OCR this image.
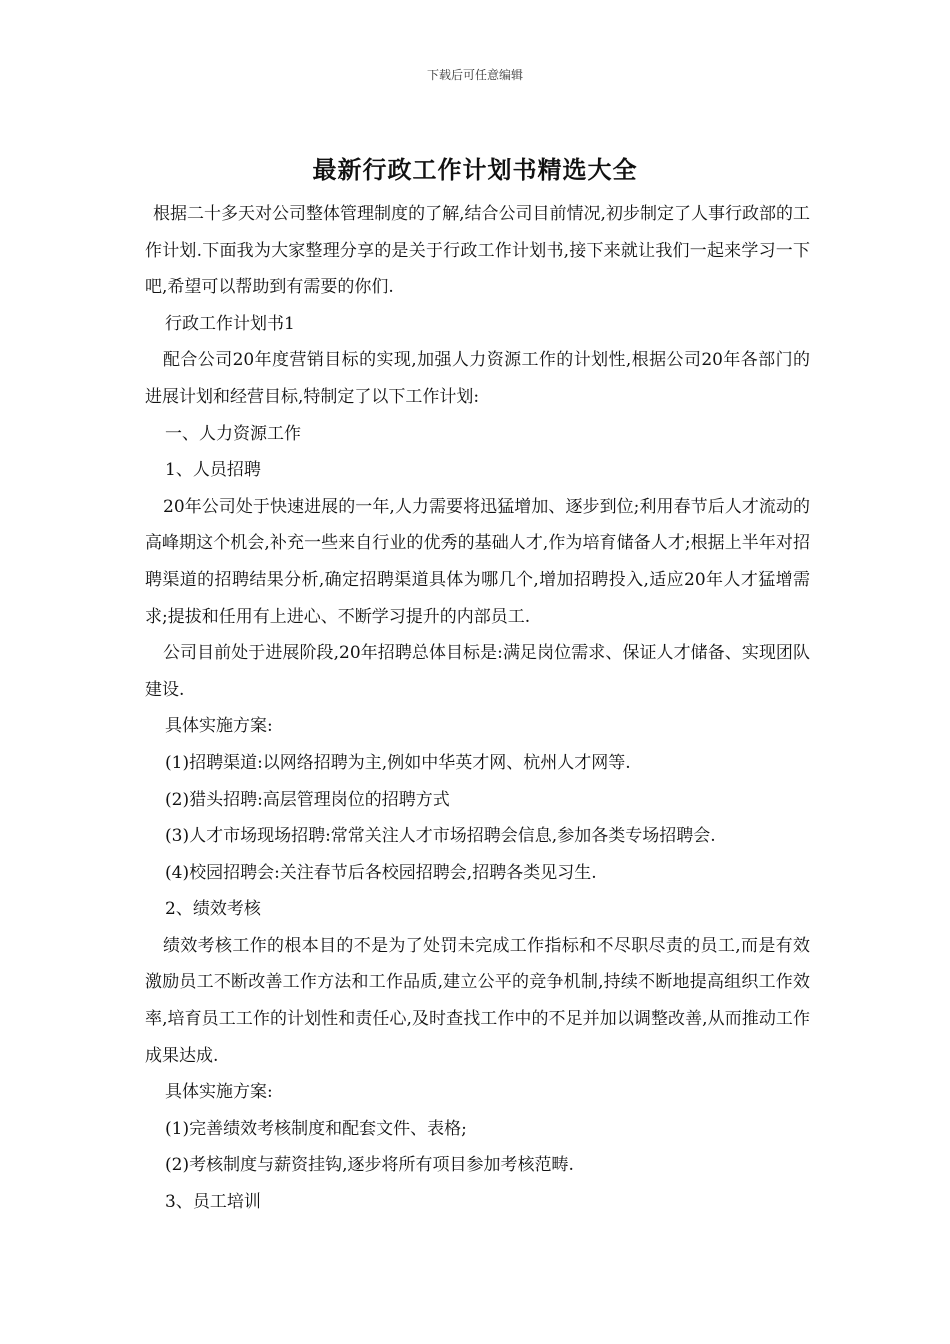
下载后可任意编辑
最新行政工作计划书精选大全

根据二十多天对公司整体管理制度的了解,结合公司目前情况,初步制定了人事行政部的工作计划.下面我为大家整理分享的是关于行政工作计划书,接下来就让我们一起来学习一下吧,希望可以帮助到有需要的你们.

行政工作计划书1

配合公司20年度营销目标的实现,加强人力资源工作的计划性,根据公司20年各部门的进展计划和经营目标,特制定了以下工作计划:

一、人力资源工作

1、人员招聘

20年公司处于快速进展的一年,人力需要将迅猛增加、逐步到位;利用春节后人才流动的高峰期这个机会,补充一些来自行业的优秀的基础人才,作为培育储备人才;根据上半年对招聘渠道的招聘结果分析,确定招聘渠道具体为哪几个,增加招聘投入,适应20年人才猛增需求;提拔和任用有上进心、不断学习提升的内部员工.

公司目前处于进展阶段,20年招聘总体目标是:满足岗位需求、保证人才储备、实现团队建设.

具体实施方案:

(1)招聘渠道:以网络招聘为主,例如中华英才网、杭州人才网等.

(2)猎头招聘:高层管理岗位的招聘方式

(3)人才市场现场招聘:常常关注人才市场招聘会信息,参加各类专场招聘会.

(4)校园招聘会:关注春节后各校园招聘会,招聘各类见习生.

2、绩效考核

绩效考核工作的根本目的不是为了处罚未完成工作指标和不尽职尽责的员工,而是有效激励员工不断改善工作方法和工作品质,建立公平的竞争机制,持续不断地提高组织工作效率,培育员工工作的计划性和责任心,及时查找工作中的不足并加以调整改善,从而推动工作成果达成.

具体实施方案:

(1)完善绩效考核制度和配套文件、表格;

(2)考核制度与薪资挂钩,逐步将所有项目参加考核范畴.

3、员工培训
